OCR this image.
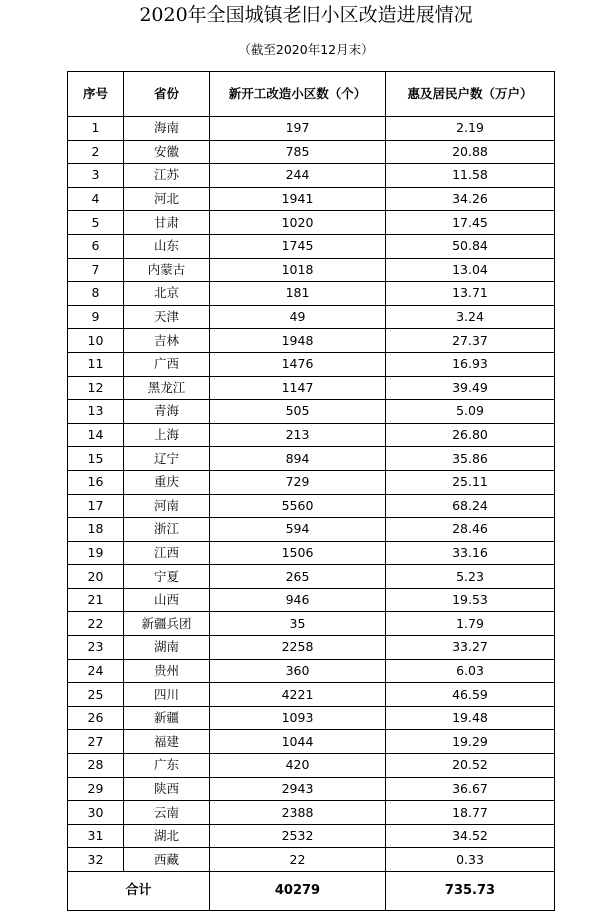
2020年全国城镇老旧小区改造进展情况
（截至2020年12月末）
序号	省份	新开工改造小区数（个）	惠及居民户数（万户）
1	海南	197	2.19
2	安徽	785	20.88
3	江苏	244	11.58
4	河北	1941	34.26
5	甘肃	1020	17.45
6	山东	1745	50.84
7	内蒙古	1018	13.04
8	北京	181	13.71
9	天津	49	3.24
10	吉林	1948	27.37
11	广西	1476	16.93
12	黑龙江	1147	39.49
13	青海	505	5.09
14	上海	213	26.80
15	辽宁	894	35.86
16	重庆	729	25.11
17	河南	5560	68.24
18	浙江	594	28.46
19	江西	1506	33.16
20	宁夏	265	5.23
21	山西	946	19.53
22	新疆兵团	35	1.79
23	湖南	2258	33.27
24	贵州	360	6.03
25	四川	4221	46.59
26	新疆	1093	19.48
27	福建	1044	19.29
28	广东	420	20.52
29	陕西	2943	36.67
30	云南	2388	18.77
31	湖北	2532	34.52
32	西藏	22	0.33
合计		40279	735.73
